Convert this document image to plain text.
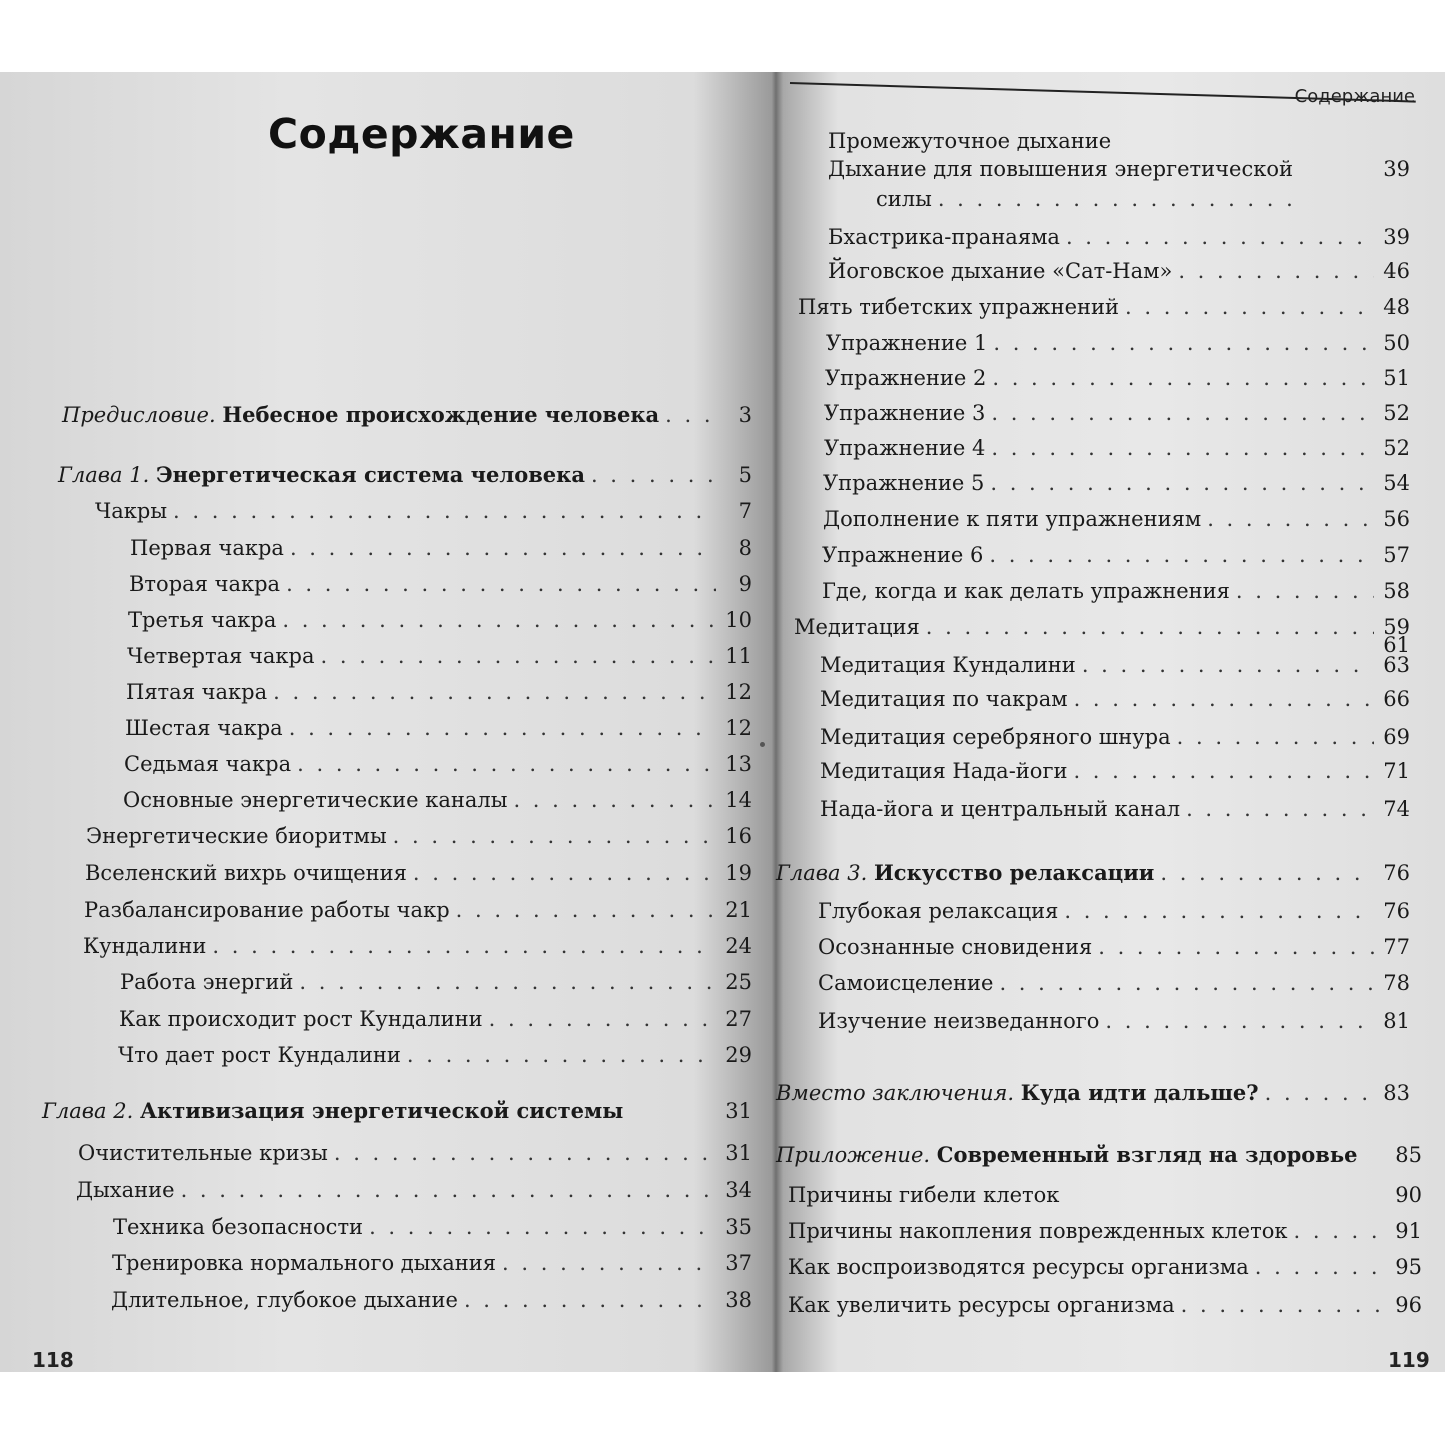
Содержание
Предисловие. Небесное происхождение человека . . .	3
Глава 1. Энергетическая система человека . . .	5
Чакры . . .	7
Первая чакра . . .	8
Вторая чакра . . .	9
Третья чакра . . .	10
Четвертая чакра . . .	11
Пятая чакра . . .	12
Шестая чакра . . .	12
Седьмая чакра . . .	13
Основные энергетические каналы . . .	14
Энергетические биоритмы . . .	16
Вселенский вихрь очищения . . .	19
Разбалансирование работы чакр . . .	21
Кундалини . . .	24
Работа энергий . . .	25
Как происходит рост Кундалини . . .	27
Что дает рост Кундалини . . .	29
Глава 2. Активизация энергетической системы	31
Очистительные кризы . . .	31
Дыхание . . .	34
Техника безопасности . . .	35
Тренировка нормального дыхания . . .	37
Длительное, глубокое дыхание . . .	38
118
Содержание
Промежуточное дыхание
Дыхание для повышения энергетической	39
силы
. . .
Бхастрика-пранаяма . . .	39
Йоговское дыхание «Сат-Нам» . . .	46
Пять тибетских упражнений . . .	48
Упражнение 1 . . .	50
Упражнение 2 . . .	51
Упражнение 3 . . .	52
Упражнение 4 . . .	52
Упражнение 5 . . .	54
Дополнение к пяти упражнениям . . .	56
Упражнение 6 . . .	57
Где, когда и как делать упражнения . . .	58
Медитация . . .	59
61
Медитация Кундалини . . .	63
Медитация по чакрам . . .	66
Медитация серебряного шнура . . .	69
Медитация Нада-йоги . . .	71
Нада-йога и центральный канал . . .	74
Глава 3. Искусство релаксации . . .	76
Глубокая релаксация . . .	76
Осознанные сновидения . . .	77
Самоисцеление . . .	78
Изучение неизведанного . . .	81
Вместо заключения. Куда идти дальше? . . .	83
Приложение. Современный взгляд на здоровье 85
Причины гибели клеток	90
Причины накопления поврежденных клеток . . .	91
Как воспроизводятся ресурсы организма . . .	95
Как увеличить ресурсы организма . . .	96
119
